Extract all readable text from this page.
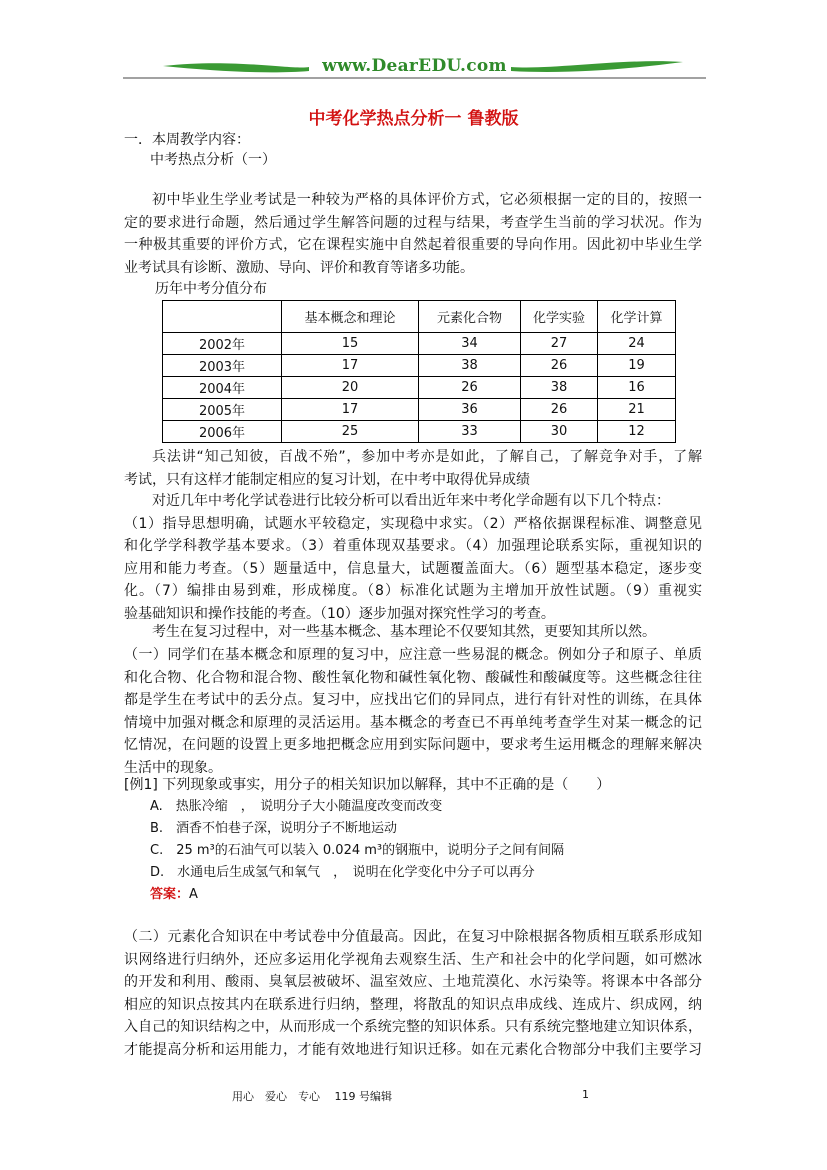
www.DearEDU.com
中考化学热点分析一 鲁教版
一．本周教学内容：
中考热点分析（一）
初中毕业生学业考试是一种较为严格的具体评价方式，它必须根据一定的目的，按照一
定的要求进行命题，然后通过学生解答问题的过程与结果，考查学生当前的学习状况。作为
一种极其重要的评价方式，它在课程实施中自然起着很重要的导向作用。因此初中毕业生学
业考试具有诊断、激励、导向、评价和教育等诸多功能。
历年中考分值分布
	基本概念和理论	元素化合物	化学实验	化学计算
2002年	15	34	27	24
2003年	17	38	26	19
2004年	20	26	38	16
2005年	17	36	26	21
2006年	25	33	30	12
兵法讲“知己知彼，百战不殆”，参加中考亦是如此，了解自己，了解竞争对手，了解
考试，只有这样才能制定相应的复习计划，在中考中取得优异成绩
对近几年中考化学试卷进行比较分析可以看出近年来中考化学命题有以下几个特点：
（1）指导思想明确，试题水平较稳定，实现稳中求实。（2）严格依据课程标准、调整意见
和化学学科教学基本要求。（3）着重体现双基要求。（4）加强理论联系实际，重视知识的
应用和能力考查。（5）题量适中，信息量大，试题覆盖面大。（6）题型基本稳定，逐步变
化。（7）编排由易到难，形成梯度。（8）标准化试题为主增加开放性试题。（9）重视实
验基础知识和操作技能的考查。（10）逐步加强对探究性学习的考查。
考生在复习过程中，对一些基本概念、基本理论不仅要知其然，更要知其所以然。
（一）同学们在基本概念和原理的复习中，应注意一些易混的概念。例如分子和原子、单质
和化合物、化合物和混合物、酸性氧化物和碱性氧化物、酸碱性和酸碱度等。这些概念往往
都是学生在考试中的丢分点。复习中，应找出它们的异同点，进行有针对性的训练，在具体
情境中加强对概念和原理的灵活运用。基本概念的考查已不再单纯考查学生对某一概念的记
忆情况，在问题的设置上更多地把概念应用到实际问题中，要求考生运用概念的理解来解决
生活中的现象。
[例1] 下列现象或事实，用分子的相关知识加以解释，其中不正确的是（　　）
A.　热胀冷缩　，　说明分子大小随温度改变而改变
B.　酒香不怕巷子深，说明分子不断地运动
C.　25 m³的石油气可以装入 0.024 m³的钢瓶中，说明分子之间有间隔
D.　水通电后生成氢气和氧气　，　说明在化学变化中分子可以再分
答案：A
（二）元素化合知识在中考试卷中分值最高。因此，在复习中除根据各物质相互联系形成知
识网络进行归纳外，还应多运用化学视角去观察生活、生产和社会中的化学问题，如可燃冰
的开发和利用、酸雨、臭氧层被破坏、温室效应、土地荒漠化、水污染等。将课本中各部分
相应的知识点按其内在联系进行归纳，整理，将散乱的知识点串成线、连成片、织成网，纳
入自己的知识结构之中，从而形成一个系统完整的知识体系。只有系统完整地建立知识体系，
才能提高分析和运用能力，才能有效地进行知识迁移。如在元素化合物部分中我们主要学习
用心　爱心　专心　 119 号编辑	1
